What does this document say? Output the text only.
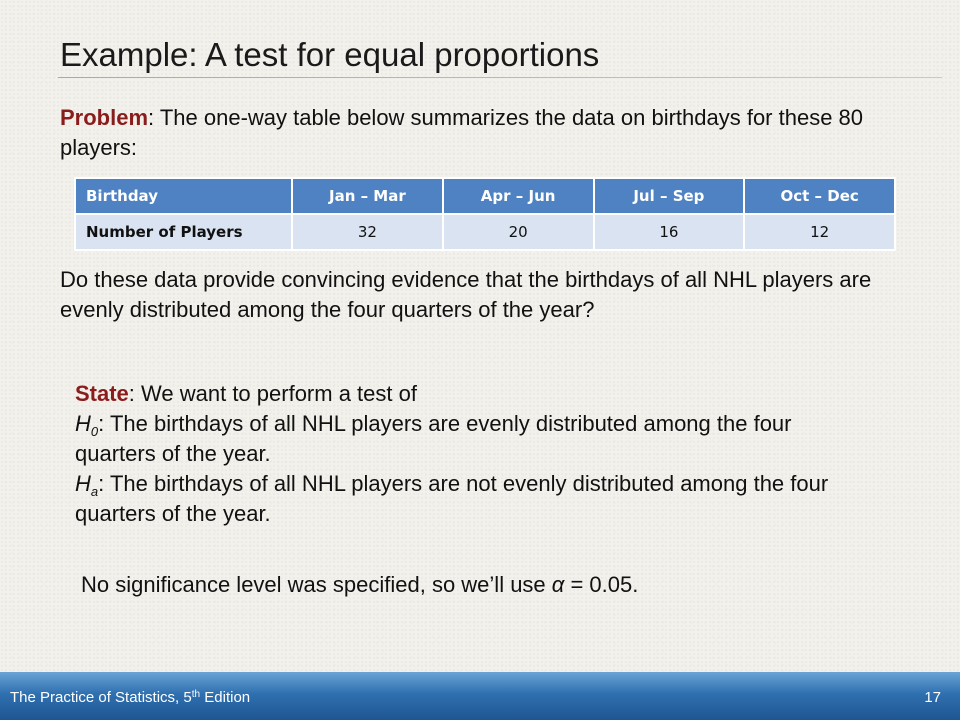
Example: A test for equal proportions

Problem: The one-way table below summarizes the data on birthdays for these 80 players:

Birthday	Jan – Mar	Apr – Jun	Jul – Sep	Oct – Dec
Number of Players	32	20	16	12

Do these data provide convincing evidence that the birthdays of all NHL players are evenly distributed among the four quarters of the year?

State: We want to perform a test of
$H_0$: The birthdays of all NHL players are evenly distributed among the four quarters of the year.
$H_a$: The birthdays of all NHL players are not evenly distributed among the four quarters of the year.

No significance level was specified, so we’ll use α = 0.05.

The Practice of Statistics, 5th Edition	17
